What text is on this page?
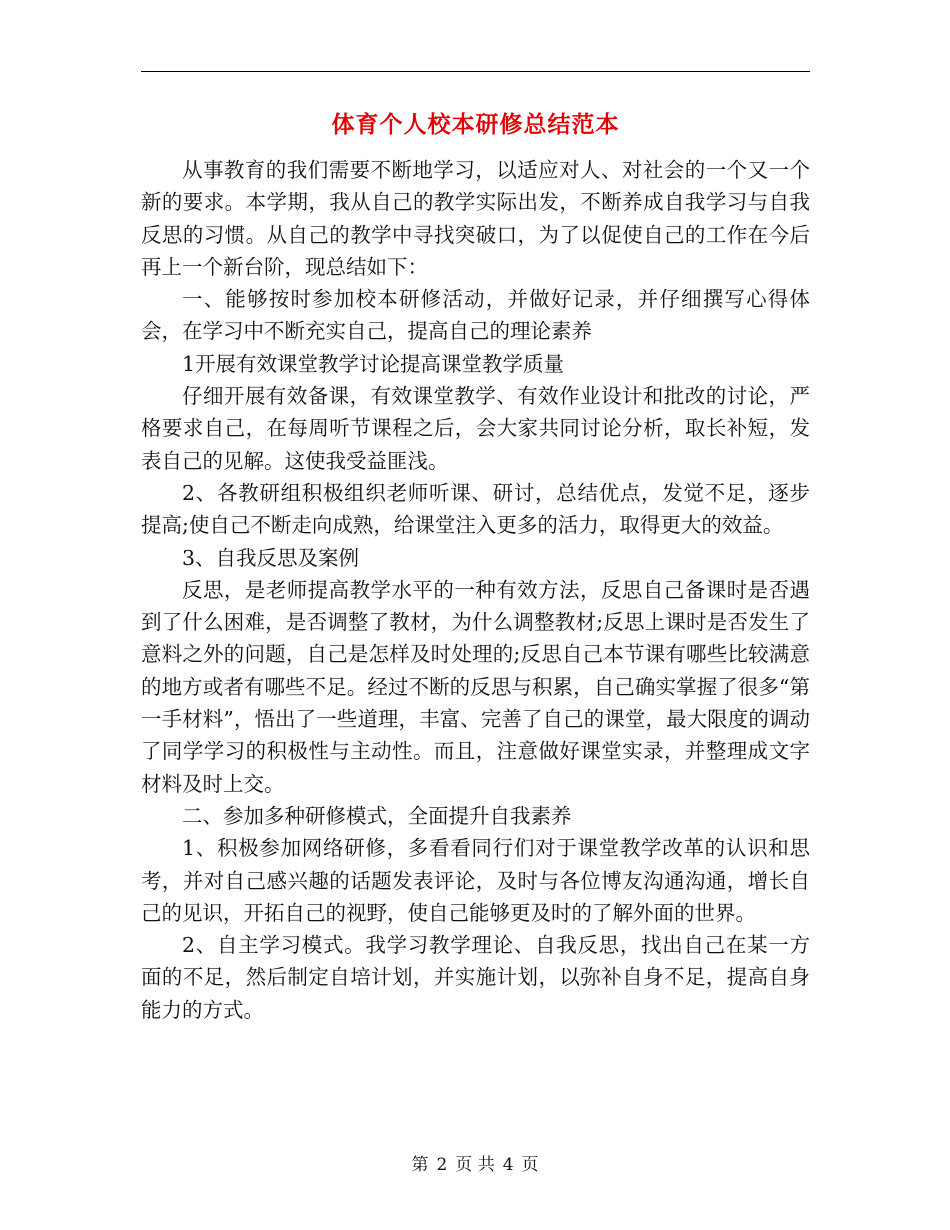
体育个人校本研修总结范本

从事教育的我们需要不断地学习，以适应对人、对社会的一个又一个新的要求。本学期，我从自己的教学实际出发，不断养成自我学习与自我反思的习惯。从自己的教学中寻找突破口，为了以促使自己的工作在今后再上一个新台阶，现总结如下：

一、能够按时参加校本研修活动，并做好记录，并仔细撰写心得体会，在学习中不断充实自己，提高自己的理论素养

1开展有效课堂教学讨论提高课堂教学质量

仔细开展有效备课，有效课堂教学、有效作业设计和批改的讨论，严格要求自己，在每周听节课程之后，会大家共同讨论分析，取长补短，发表自己的见解。这使我受益匪浅。

2、各教研组积极组织老师听课、研讨，总结优点，发觉不足，逐步提高;使自己不断走向成熟，给课堂注入更多的活力，取得更大的效益。

3、自我反思及案例

反思，是老师提高教学水平的一种有效方法，反思自己备课时是否遇到了什么困难，是否调整了教材，为什么调整教材;反思上课时是否发生了意料之外的问题，自己是怎样及时处理的;反思自己本节课有哪些比较满意的地方或者有哪些不足。经过不断的反思与积累，自己确实掌握了很多“第一手材料”，悟出了一些道理，丰富、完善了自己的课堂，最大限度的调动了同学学习的积极性与主动性。而且，注意做好课堂实录，并整理成文字材料及时上交。

二、参加多种研修模式，全面提升自我素养

1、积极参加网络研修，多看看同行们对于课堂教学改革的认识和思考，并对自己感兴趣的话题发表评论，及时与各位博友沟通沟通，增长自己的见识，开拓自己的视野，使自己能够更及时的了解外面的世界。

2、自主学习模式。我学习教学理论、自我反思，找出自己在某一方面的不足，然后制定自培计划，并实施计划，以弥补自身不足，提高自身能力的方式。

第 2 页 共 4 页
